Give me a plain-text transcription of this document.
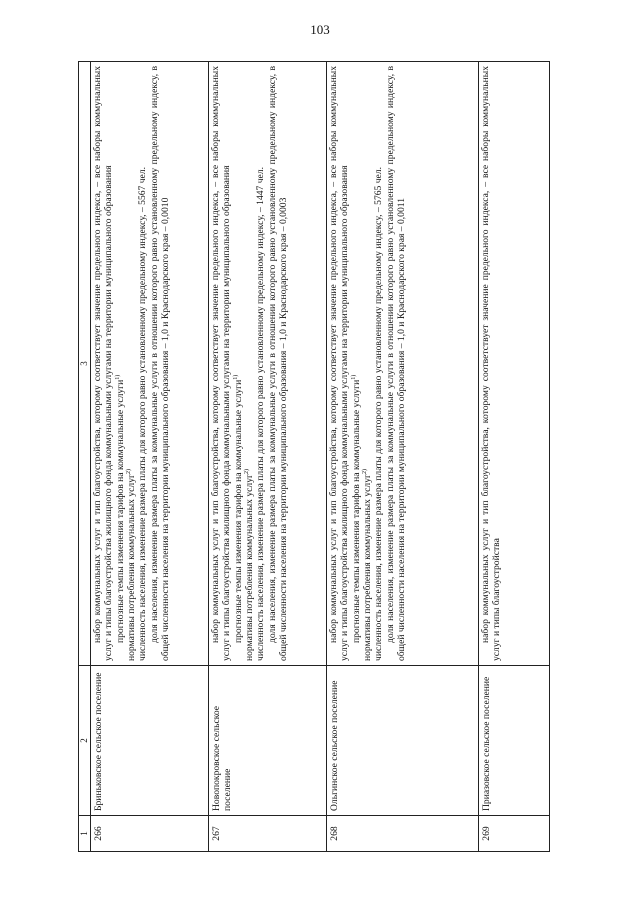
103
1	2	3
266	Бриньковское сельское поселение	набор коммунальных услуг и тип благоустройства, которому соответствует значение предельного индекса, – все наборы коммунальных услуг и типы благоустройства жилищного фонда коммунальными услугами на территории муниципального образования прогнозные темпы изменения тарифов на коммунальные услуги$^{1)}$

нормативы потребления коммунальных услуг$^{2)}$ численность населения, изменение размера платы для которого равно установленному предельному индексу, – 5567 чел. доля населения, изменение размера платы за коммунальные услуги в отношении которого равно установленному предельному индексу, в общей численности населения на территории муниципального образования – 1,0 и Краснодарского края – 0,0010

267	Новопокровское сельское поселение	набор коммунальных услуг и тип благоустройства, которому соответствует значение предельного индекса, – все наборы коммунальных услуг и типы благоустройства жилищного фонда коммунальными услугами на территории муниципального образования прогнозные темпы изменения тарифов на коммунальные услуги$^{1)}$

нормативы потребления коммунальных услуг$^{2)}$ численность населения, изменение размера платы для которого равно установленному предельному индексу, – 1447 чел. доля населения, изменение размера платы за коммунальные услуги в отношении которого равно установленному предельному индексу, в общей численности населения на территории муниципального образования – 1,0 и Краснодарского края – 0,0003

268	Ольгинское сельское поселение	набор коммунальных услуг и тип благоустройства, которому соответствует значение предельного индекса, – все наборы коммунальных услуг и типы благоустройства жилищного фонда коммунальными услугами на территории муниципального образования прогнозные темпы изменения тарифов на коммунальные услуги$^{1)}$

нормативы потребления коммунальных услуг$^{2)}$ численность населения, изменение размера платы для которого равно установленному предельному индексу, – 5765 чел. доля населения, изменение размера платы за коммунальные услуги в отношении которого равно установленному предельному индексу, в общей численности населения на территории муниципального образования – 1,0 и Краснодарского края – 0,0011

269	Приазовское сельское поселение	набор коммунальных услуг и тип благоустройства, которому соответствует значение предельного индекса, – все наборы коммунальных услуг и типы благоустройства
